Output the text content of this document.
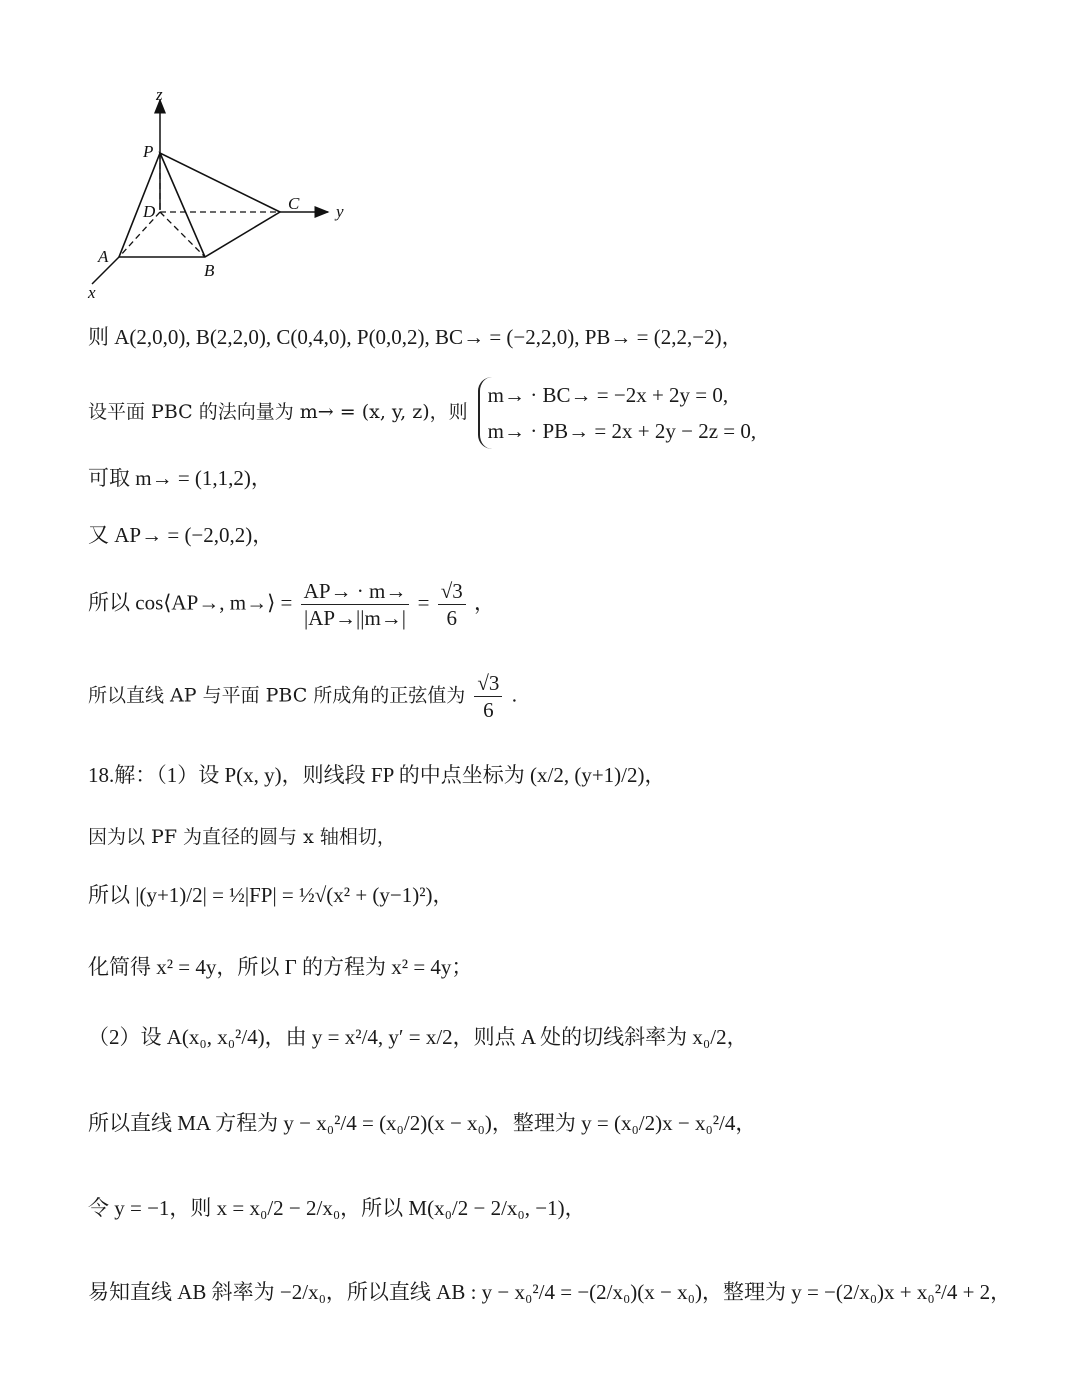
z
P
D	C y
A
B
x
则 A(2,0,0), B(2,2,0), C(0,4,0), P(0,0,2), BC→ = (−2,2,0), PB→ = (2,2,−2)，
设平面 PBC 的法向量为 m→ = (x, y, z)，则
m→ · BC→ = −2x + 2y = 0,
m→ · PB→ = 2x + 2y − 2z = 0,
可取 m→ = (1,1,2)，
又 AP→ = (−2,0,2)，
所以 cos⟨AP→, m→⟩ = $\frac{AP\to \cdot m\to}{|AP\to||m\to|} = \frac{√3}{6}$ ，
所以直线 AP 与平面 PBC 所成角的正弦值为 $\frac{√3}{6}$ .
18.解：（1）设 P(x, y)，则线段 FP 的中点坐标为 (x/2, (y+1)/2)，
因为以 PF 为直径的圆与 x 轴相切，
所以 |(y+1)/2| = ½|FP| = ½√(x² + (y−1)²)，
化简得 x² = 4y，所以 Γ 的方程为 x² = 4y；
（2）设 A(x₀, x₀²/4)，由 y = x²/4, y′ = x/2，则点 A 处的切线斜率为 x₀/2，
所以直线 MA 方程为 y − x₀²/4 = (x₀/2)(x − x₀)，整理为 y = (x₀/2)x − x₀²/4，
令 y = −1，则 x = x₀/2 − 2/x₀，所以 M(x₀/2 − 2/x₀, −1)，
易知直线 AB 斜率为 −2/x₀，所以直线 AB : y − x₀²/4 = −(2/x₀)(x − x₀)，整理为 y = −(2/x₀)x + x₀²/4 + 2，
